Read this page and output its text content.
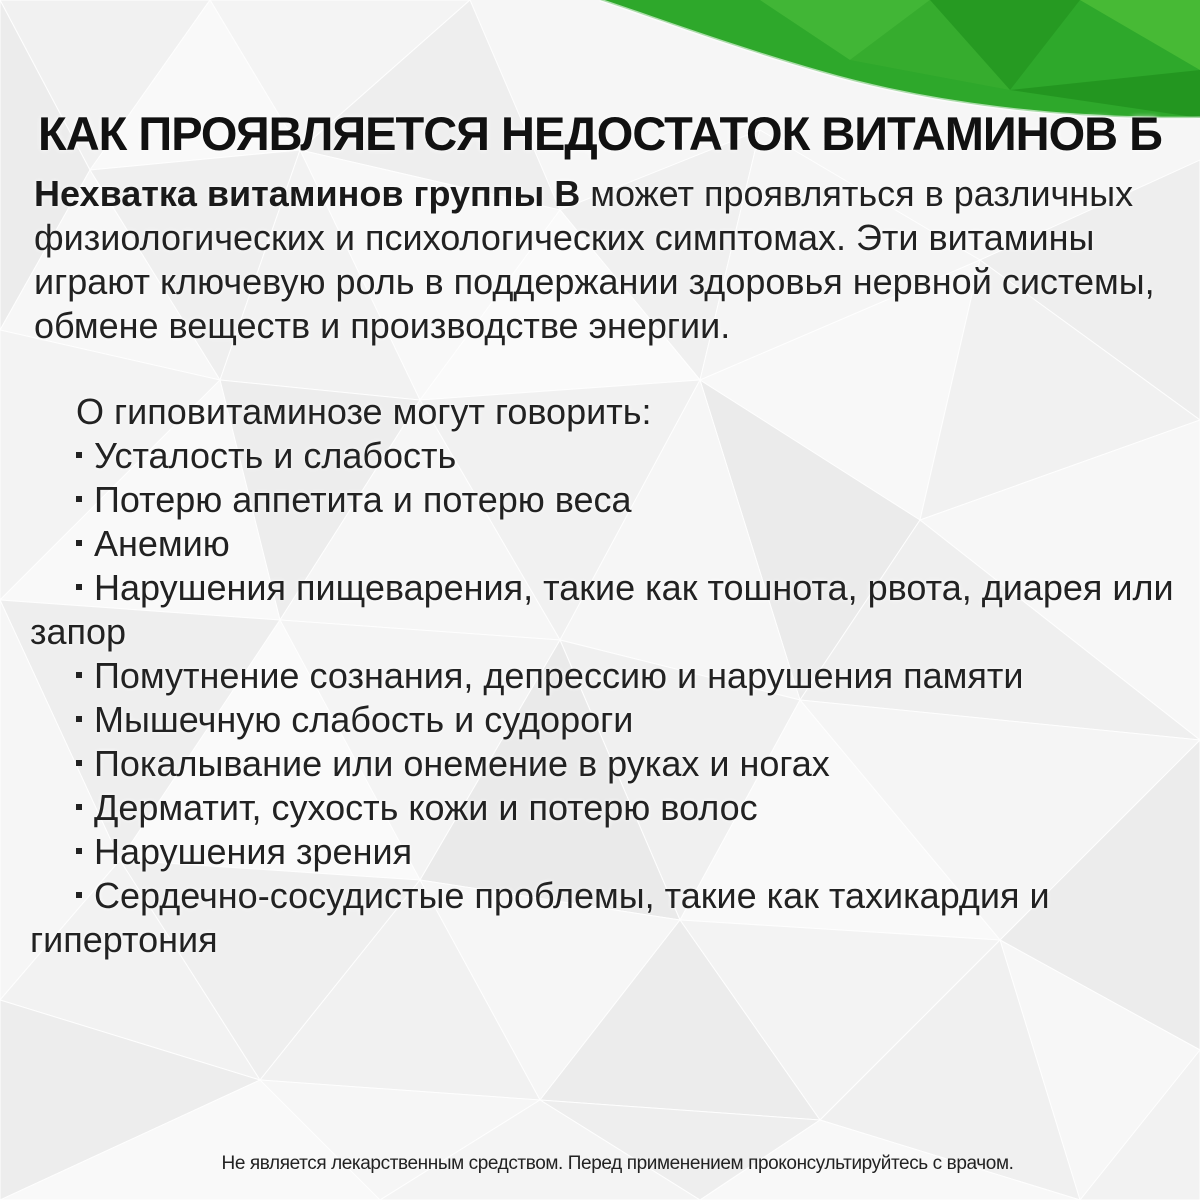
КАК ПРОЯВЛЯЕТСЯ НЕДОСТАТОК ВИТАМИНОВ Б

Нехватка витаминов группы B может проявляться в различных физиологических и психологических симптомах. Эти витамины играют ключевую роль в поддержании здоровья нервной системы, обмене веществ и производстве энергии.

О гиповитаминозе могут говорить:

Усталость и слабость
Потерю аппетита и потерю веса
Анемию
Нарушения пищеварения, такие как тошнота, рвота, диарея или запор
Помутнение сознания, депрессию и нарушения памяти
Мышечную слабость и судороги
Покалывание или онемение в руках и ногах
Дерматит, сухость кожи и потерю волос
Нарушения зрения
Сердечно-сосудистые проблемы, такие как тахикардия и гипертония

Не является лекарственным средством. Перед применением проконсультируйтесь с врачом.
